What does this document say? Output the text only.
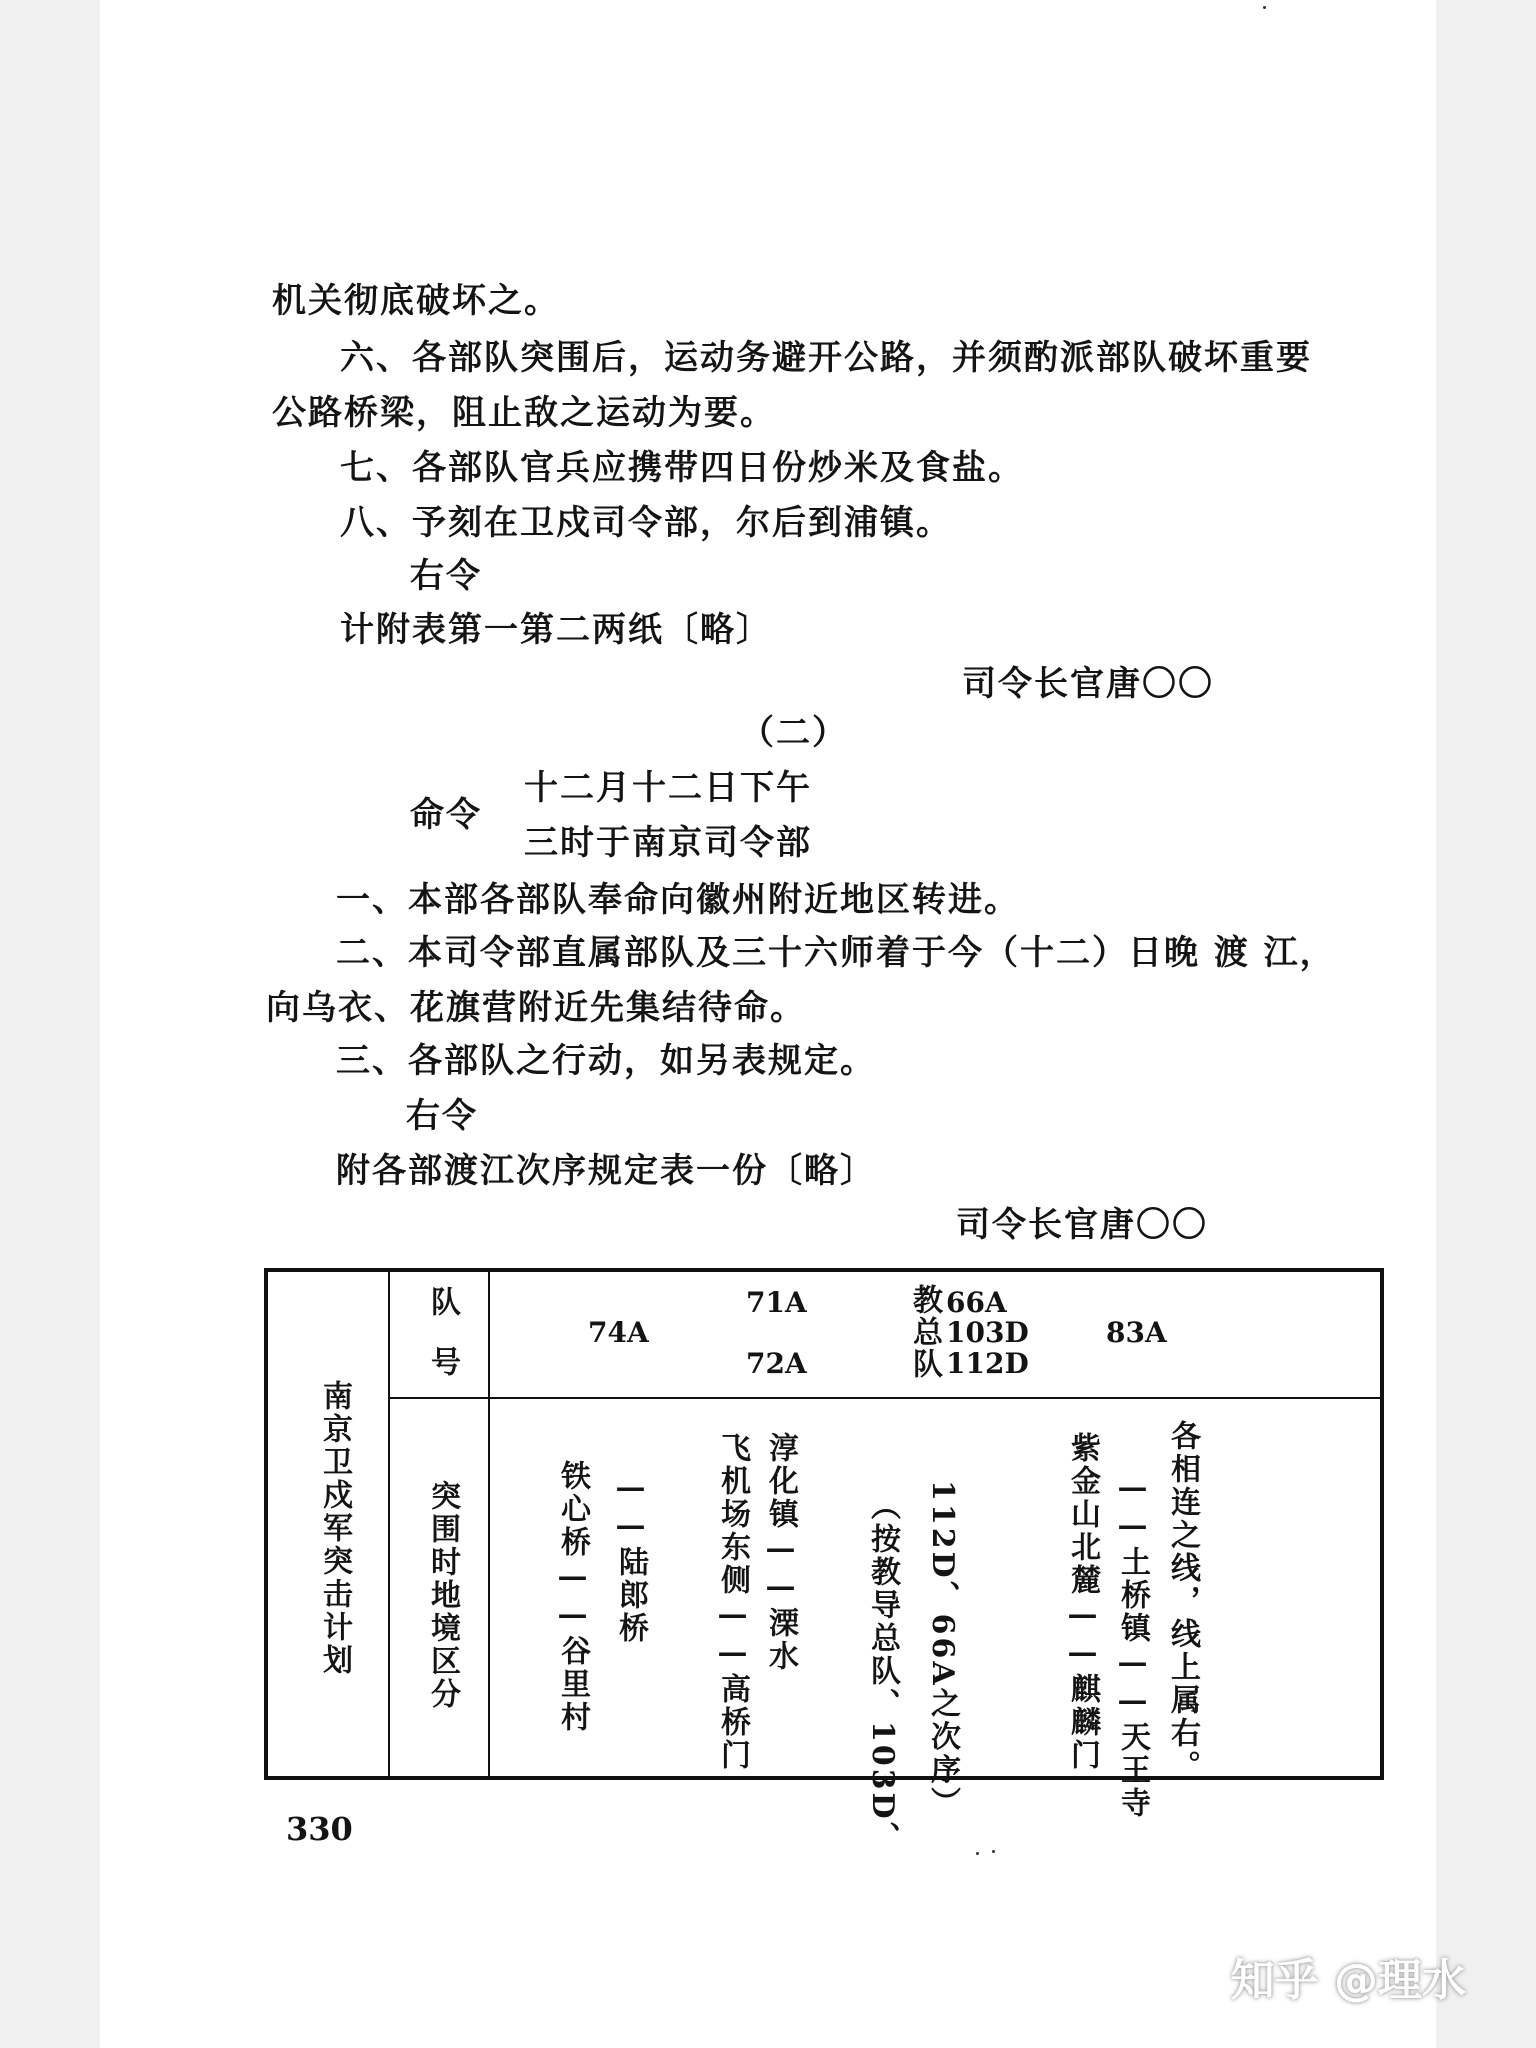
机关彻底破坏之。
六、各部队突围后，运动务避开公路，并须酌派部队破坏重要
公路桥梁，阻止敌之运动为要。
七、各部队官兵应携带四日份炒米及食盐。
八、予刻在卫戍司令部，尔后到浦镇。
右令
计附表第一第二两纸〔略〕
司令长官唐〇〇
（二）
命令
十二月十二日下午
三时于南京司令部
一、本部各部队奉命向徽州附近地区转进。
二、本司令部直属部队及三十六师着于今（十二）日晚 渡 江，
向乌衣、花旗营附近先集结待命。
三、各部队之行动，如另表规定。
右令
附各部渡江次序规定表一份〔略〕
司令长官唐〇〇
南京卫戍军突击计划
队号
突围时地境区分
74A
71A
72A	教总队 66A
103D
112D
83A
铁心桥——谷里村 ——陆郎桥 飞机场东侧——高桥门 淳化镇——溧水 （按教导总队、103D、 112D、66A之次序）	紫金山北麓——麒麟门 ——土桥镇——天王寺 各相连之线，线上属右。
330
知乎 @理水
